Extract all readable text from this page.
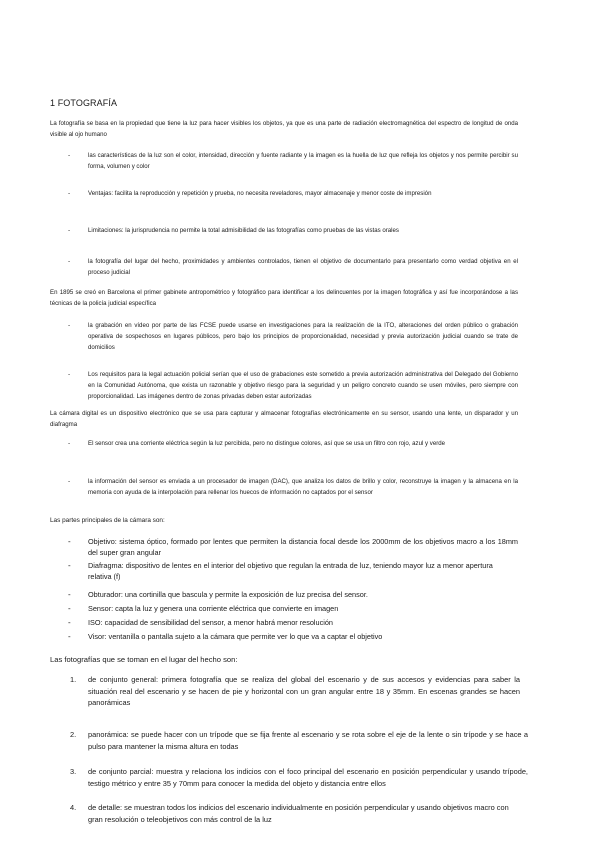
1 FOTOGRAFÍA

La fotografía se basa en la propiedad que tiene la luz para hacer visibles los objetos, ya que es una parte de radiación electromagnética del espectro de longitud de onda visible al ojo humano

-	las características de la luz son el color, intensidad, dirección y fuente radiante y la imagen es la huella de luz que refleja los objetos y nos permite percibir su forma, volumen y color

-	Ventajas: facilita la reproducción y repetición y prueba, no necesita reveladores, mayor almacenaje y menor coste de impresión

-	Limitaciones: la jurisprudencia no permite la total admisibilidad de las fotografías como pruebas de las vistas orales

-	la fotografía del lugar del hecho, proximidades y ambientes controlados, tienen el objetivo de documentarlo para presentarlo como verdad objetiva en el proceso judicial

En 1895 se creó en Barcelona el primer gabinete antropométrico y fotográfico para identificar a los delincuentes por la imagen fotográfica y así fue incorporándose a las técnicas de la policía judicial específica

-	la grabación en vídeo por parte de las FCSE puede usarse en investigaciones para la realización de la ITO, alteraciones del orden público o grabación operativa de sospechosos en lugares públicos, pero bajo los principios de proporcionalidad, necesidad y previa autorización judicial cuando se trate de domicilios

-	Los requisitos para la legal actuación policial serían que el uso de grabaciones este sometido a previa autorización administrativa del Delegado del Gobierno en la Comunidad Autónoma, que exista un razonable y objetivo riesgo para la seguridad y un peligro concreto cuando se usen móviles, pero siempre con proporcionalidad. Las imágenes dentro de zonas privadas deben estar autorizadas

La cámara digital es un dispositivo electrónico que se usa para capturar y almacenar fotografías electrónicamente en su sensor, usando una lente, un disparador y un diafragma

-	El sensor crea una corriente eléctrica según la luz percibida, pero no distingue colores, así que se usa un filtro con rojo, azul y verde

-	la información del sensor es enviada a un procesador de imagen (DAC), que analiza los datos de brillo y color, reconstruye la imagen y la almacena en la memoria con ayuda de la interpolación para rellenar los huecos de información no captados por el sensor

Las partes principales de la cámara son:

- Objetivo: sistema óptico, formado por lentes que permiten la distancia focal desde los 2000mm de los objetivos macro a los 18mm del super gran angular

- Diafragma: dispositivo de lentes en el interior del objetivo que regulan la entrada de luz, teniendo mayor luz a menor apertura relativa (f)

- Obturador: una cortinilla que bascula y permite la exposición de luz precisa del sensor.

- Sensor: capta la luz y genera una corriente eléctrica que convierte en imagen

- ISO: capacidad de sensibilidad del sensor, a menor habrá menor resolución

- Visor: ventanilla o pantalla sujeto a la cámara que permite ver lo que va a captar el objetivo

Las fotografías que se toman en el lugar del hecho son:

1. de conjunto general: primera fotografía que se realiza del global del escenario y de sus accesos y evidencias para saber la situación real del escenario y se hacen de pie y horizontal con un gran angular entre 18 y 35mm. En escenas grandes se hacen panorámicas

2. panorámica: se puede hacer con un trípode que se fija frente al escenario y se rota sobre el eje de la lente o sin trípode y se hace a pulso para mantener la misma altura en todas

3. de conjunto parcial: muestra y relaciona los indicios con el foco principal del escenario en posición perpendicular y usando trípode, testigo métrico y entre 35 y 70mm para conocer la medida del objeto y distancia entre ellos

4. de detalle: se muestran todos los indicios del escenario individualmente en posición perpendicular y usando objetivos macro con gran resolución o teleobjetivos con más control de la luz
